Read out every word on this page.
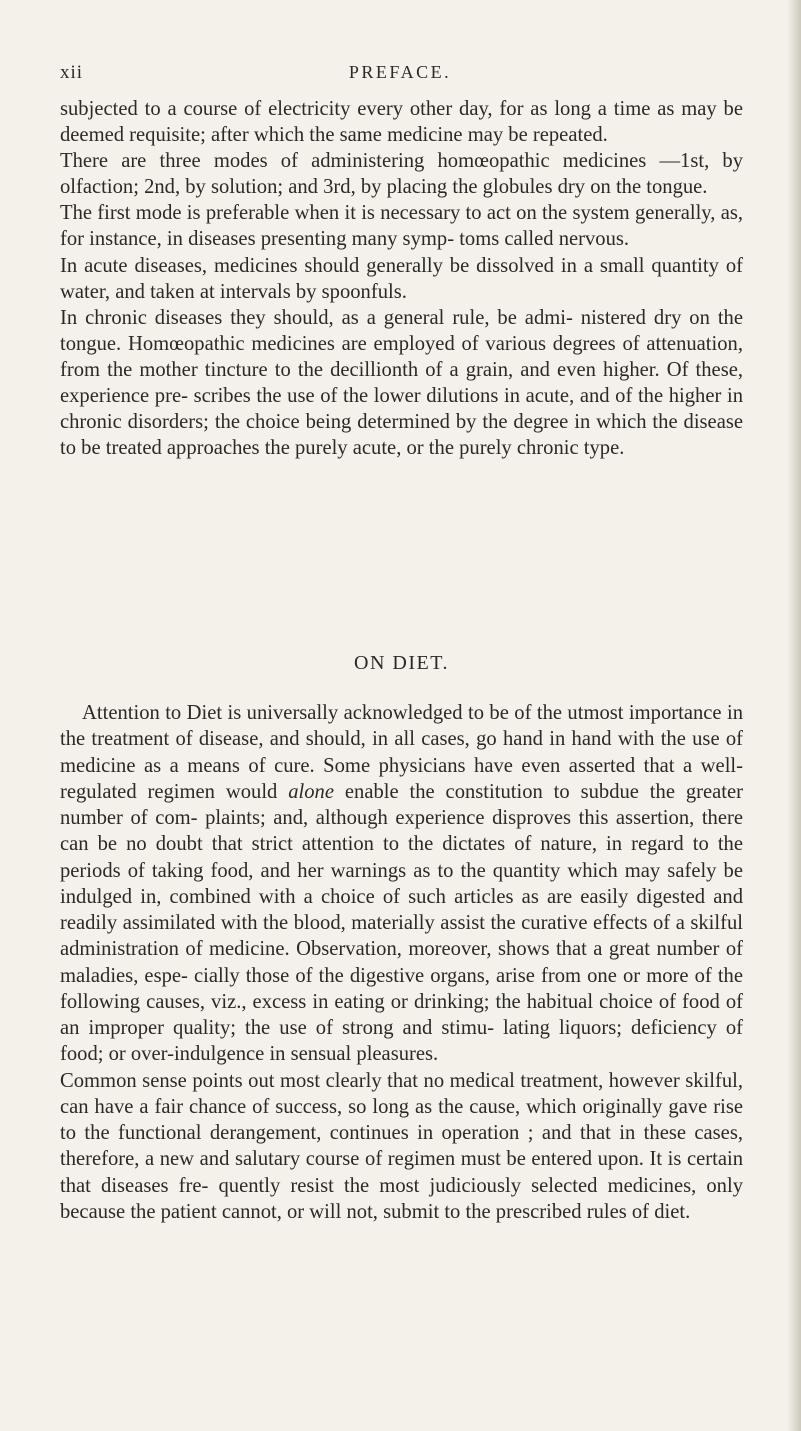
xii	PREFACE.

subjected to a course of electricity every other day, for as long a time as may be deemed requisite; after which the same medicine may be repeated.

There are three modes of administering homœopathic medicines —1st, by olfaction; 2nd, by solution; and 3rd, by placing the globules dry on the tongue.

The first mode is preferable when it is necessary to act on the system generally, as, for instance, in diseases presenting many symp- toms called nervous.

In acute diseases, medicines should generally be dissolved in a small quantity of water, and taken at intervals by spoonfuls.

In chronic diseases they should, as a general rule, be admi- nistered dry on the tongue. Homœopathic medicines are employed of various degrees of attenuation, from the mother tincture to the decillionth of a grain, and even higher. Of these, experience pre- scribes the use of the lower dilutions in acute, and of the higher in chronic disorders; the choice being determined by the degree in which the disease to be treated approaches the purely acute, or the purely chronic type.

ON DIET.

Attention to Diet is universally acknowledged to be of the utmost importance in the treatment of disease, and should, in all cases, go hand in hand with the use of medicine as a means of cure. Some physicians have even asserted that a well-regulated regimen would alone enable the constitution to subdue the greater number of com- plaints; and, although experience disproves this assertion, there can be no doubt that strict attention to the dictates of nature, in regard to the periods of taking food, and her warnings as to the quantity which may safely be indulged in, combined with a choice of such articles as are easily digested and readily assimilated with the blood, materially assist the curative effects of a skilful administration of medicine. Observation, moreover, shows that a great number of maladies, espe- cially those of the digestive organs, arise from one or more of the following causes, viz., excess in eating or drinking; the habitual choice of food of an improper quality; the use of strong and stimu- lating liquors; deficiency of food; or over-indulgence in sensual pleasures.

Common sense points out most clearly that no medical treatment, however skilful, can have a fair chance of success, so long as the cause, which originally gave rise to the functional derangement, continues in operation ; and that in these cases, therefore, a new and salutary course of regimen must be entered upon. It is certain that diseases fre- quently resist the most judiciously selected medicines, only because the patient cannot, or will not, submit to the prescribed rules of diet.
